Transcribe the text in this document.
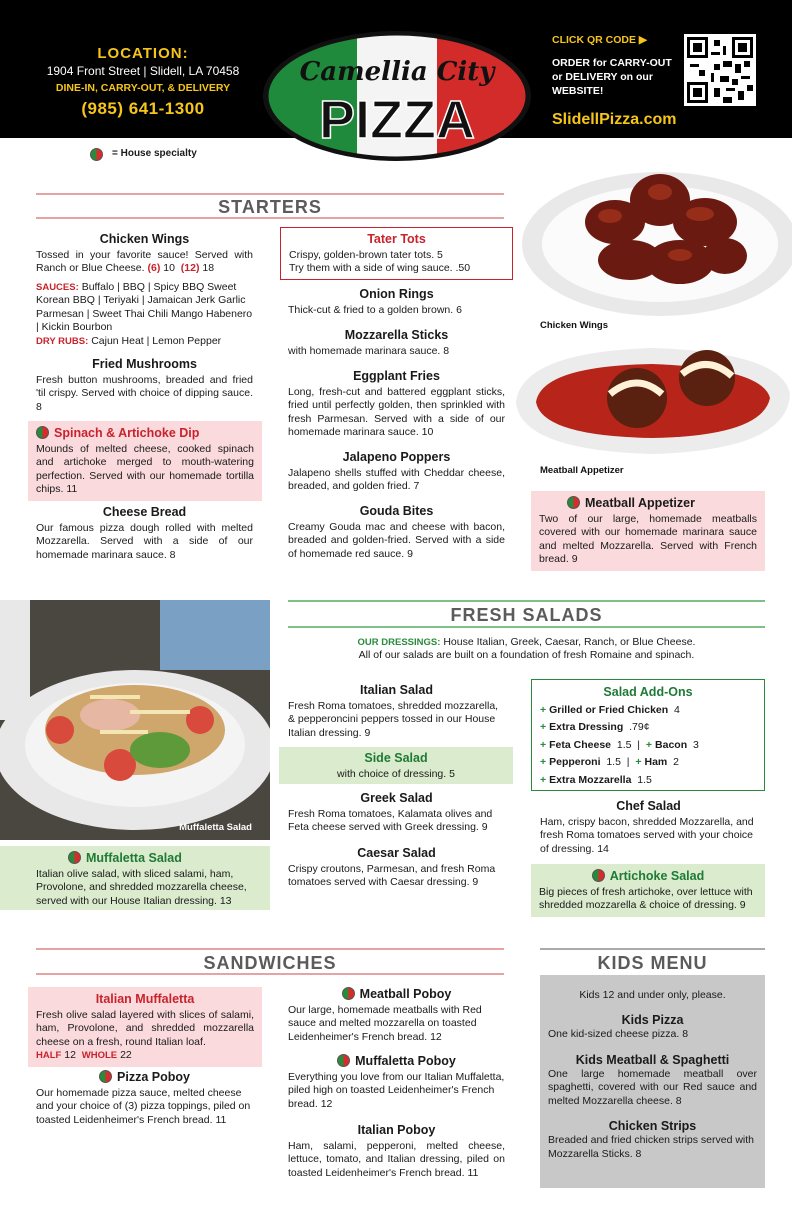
LOCATION:
1904 Front Street | Slidell, LA 70458
DINE-IN, CARRY-OUT, & DELIVERY
(985) 641-1300
Camellia City
PIZZA
CLICK QR CODE ▶
ORDER for CARRY-OUT or DELIVERY on our WEBSITE!
SlidellPizza.com
= House specialty
STARTERS
Chicken Wings

Tossed in your favorite sauce! Served with Ranch or Blue Cheese. (6) 10 (12) 18

SAUCES: Buffalo | BBQ | Spicy BBQ Sweet Korean BBQ | Teriyaki | Jamaican Jerk Garlic Parmesan | Sweet Thai Chili Mango Habenero | Kickin Bourbon

DRY RUBS: Cajun Heat | Lemon Pepper

Fried Mushrooms

Fresh button mushrooms, breaded and fried 'til crispy. Served with choice of dipping sauce. 8

Spinach & Artichoke Dip

Mounds of melted cheese, cooked spinach and artichoke merged to mouth-watering perfection. Served with our homemade tortilla chips. 11

Cheese Bread

Our famous pizza dough rolled with melted Mozzarella. Served with a side of our homemade marinara sauce. 8

Tater Tots

Crispy, golden-brown tater tots. 5

Try them with a side of wing sauce. .50

Onion Rings

Thick-cut & fried to a golden brown. 6

Mozzarella Sticks

with homemade marinara sauce. 8

Eggplant Fries

Long, fresh-cut and battered eggplant sticks, fried until perfectly golden, then sprinkled with fresh Parmesan. Served with a side of our homemade marinara sauce. 10

Jalapeno Poppers

Jalapeno shells stuffed with Cheddar cheese, breaded, and golden fried. 7

Gouda Bites

Creamy Gouda mac and cheese with bacon, breaded and golden-fried. Served with a side of homemade red sauce. 9

Chicken Wings
Meatball Appetizer
Meatball Appetizer

Two of our large, homemade meatballs covered with our homemade marinara sauce and melted Mozzarella. Served with French bread. 9

Muffaletta Salad
Muffaletta Salad

Italian olive salad, with sliced salami, ham, Provolone, and shredded mozzarella cheese, served with our House Italian dressing. 13

FRESH SALADS
OUR DRESSINGS: House Italian, Greek, Caesar, Ranch, or Blue Cheese.
All of our salads are built on a foundation of fresh Romaine and spinach.
Italian Salad

Fresh Roma tomatoes, shredded mozzarella, & pepperoncini peppers tossed in our House Italian dressing. 9

Side Salad

with choice of dressing. 5

Greek Salad

Fresh Roma tomatoes, Kalamata olives and Feta cheese served with Greek dressing. 9

Caesar Salad

Crispy croutons, Parmesan, and fresh Roma tomatoes served with Caesar dressing. 9

Salad Add-Ons
+ Grilled or Fried Chicken 4
+ Extra Dressing .79¢
+ Feta Cheese 1.5  |  + Bacon 3
+ Pepperoni 1.5  |  + Ham 2
+ Extra Mozzarella 1.5
Chef Salad

Ham, crispy bacon, shredded Mozzarella, and fresh Roma tomatoes served with your choice of dressing. 14

Artichoke Salad

Big pieces of fresh artichoke, over lettuce with shredded mozzarella & choice of dressing. 9

SANDWICHES
Italian Muffaletta

Fresh olive salad layered with slices of salami, ham, Provolone, and shredded mozzarella cheese on a fresh, round Italian loaf.

HALF 12 WHOLE 22

Pizza Poboy

Our homemade pizza sauce, melted cheese and your choice of (3) pizza toppings, piled on toasted Leidenheimer's French bread. 11

Meatball Poboy

Our large, homemade meatballs with Red sauce and melted mozzarella on toasted Leidenheimer's French bread. 12

Muffaletta Poboy

Everything you love from our Italian Muffaletta, piled high on toasted Leidenheimer's French bread. 12

Italian Poboy

Ham, salami, pepperoni, melted cheese, lettuce, tomato, and Italian dressing, piled on toasted Leidenheimer's French bread. 11

KIDS MENU
Kids 12 and under only, please.
Kids Pizza

One kid-sized cheese pizza. 8

Kids Meatball & Spaghetti

One large homemade meatball over spaghetti, covered with our Red sauce and melted Mozzarella cheese. 8

Chicken Strips

Breaded and fried chicken strips served with Mozzarella Sticks. 8
